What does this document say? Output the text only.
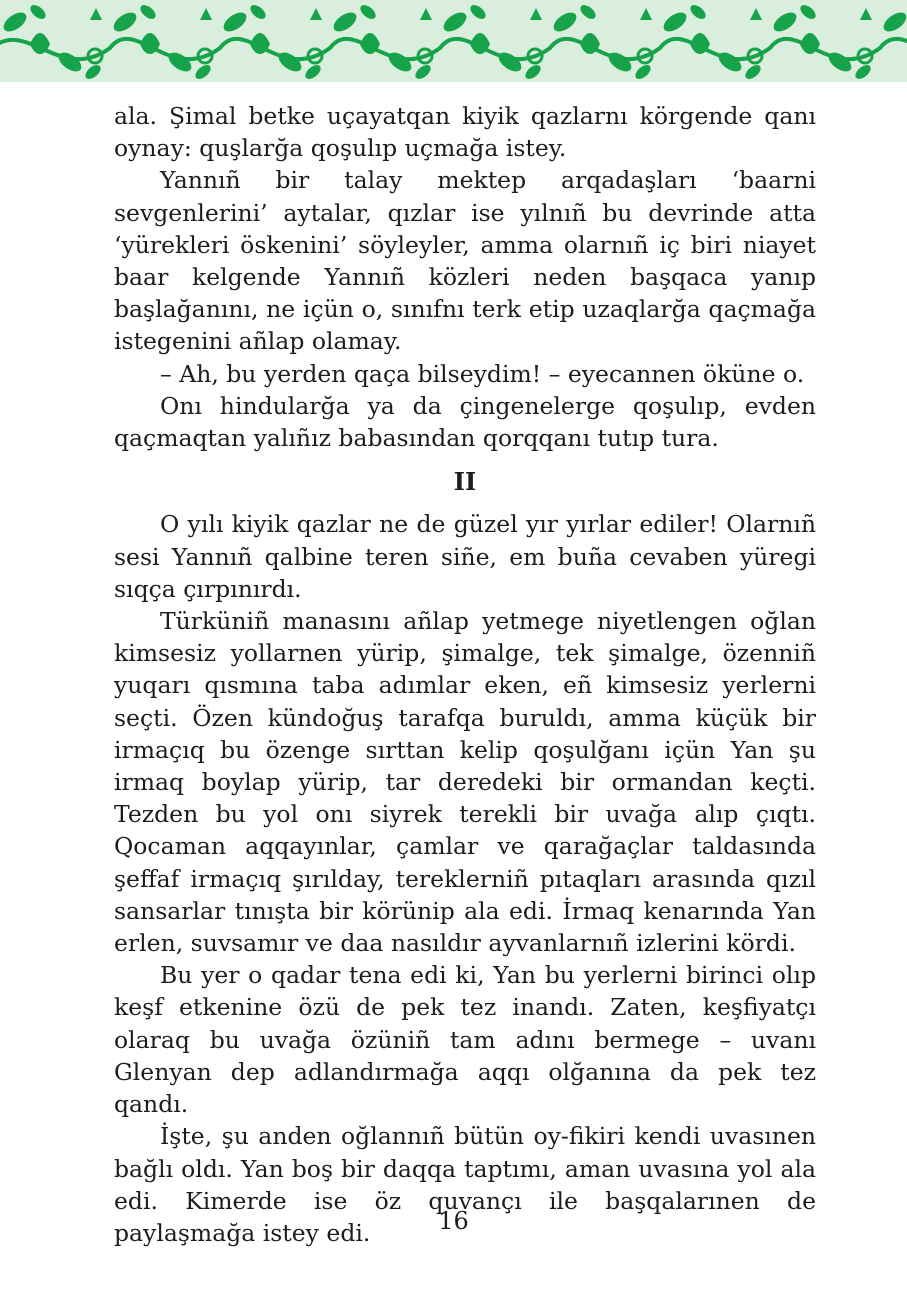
ala. Şimal betke uçayatqan kiyik qazlarnı körgende qanı oynay: quşlarğa qoşulıp uçmağa istey.

Yannıñ bir talay mektep arqadaşları ‘baarni sevgenlerini’ aytalar, qızlar ise yılnıñ bu devrinde atta ‘yürekleri öskenini’ söyleyler, amma olarnıñ iç biri niayet baar kelgende Yannıñ közleri neden başqaca yanıp başlağanını, ne içün o, sınıfnı terk etip uzaqlarğa qaçmağa istegenini añlap olamay.

– Ah, bu yerden qaça bilseydim! – eyecannen öküne o.

Onı hindularğa ya da çingenelerge qoşulıp, evden qaçmaqtan yalıñız babasından qorqqanı tutıp tura.

II

O yılı kiyik qazlar ne de güzel yır yırlar ediler! Olarnıñ sesi Yannıñ qalbine teren siñe, em buña cevaben yüregi sıqça çırpınırdı.

Türküniñ manasını añlap yetmege niyetlengen oğlan kimsesiz yollarnen yürip, şimalge, tek şimalge, özenniñ yuqarı qısmına taba adımlar eken, eñ kimsesiz yerlerni seçti. Özen kündoğuş tarafqa buruldı, amma küçük bir irmaçıq bu özenge sırttan kelip qoşulğanı içün Yan şu irmaq boylap yürip, tar deredeki bir ormandan keçti. Tezden bu yol onı siyrek terekli bir uvağa alıp çıqtı. Qocaman aqqayınlar, çamlar ve qarağaçlar taldasında şeffaf irmaçıq şırılday, tereklerniñ pıtaqları arasında qızıl sansarlar tınışta bir körünip ala edi. İrmaq kenarında Yan erlen, suvsamır ve daa nasıldır ayvanlarnıñ izlerini kördi.

Bu yer o qadar tena edi ki, Yan bu yerlerni birinci olıp keşf etkenine özü de pek tez inandı. Zaten, keşfiyatçı olaraq bu uvağa özüniñ tam adını bermege – uvanı Glenyan dep adlandırmağa aqqı olğanına da pek tez qandı.

İşte, şu anden oğlannıñ bütün oy-fikiri kendi uvasınen bağlı oldı. Yan boş bir daqqa taptımı, aman uvasına yol ala edi. Kimerde ise öz quvançı ile başqalarınen de paylaşmağa istey edi.	16
